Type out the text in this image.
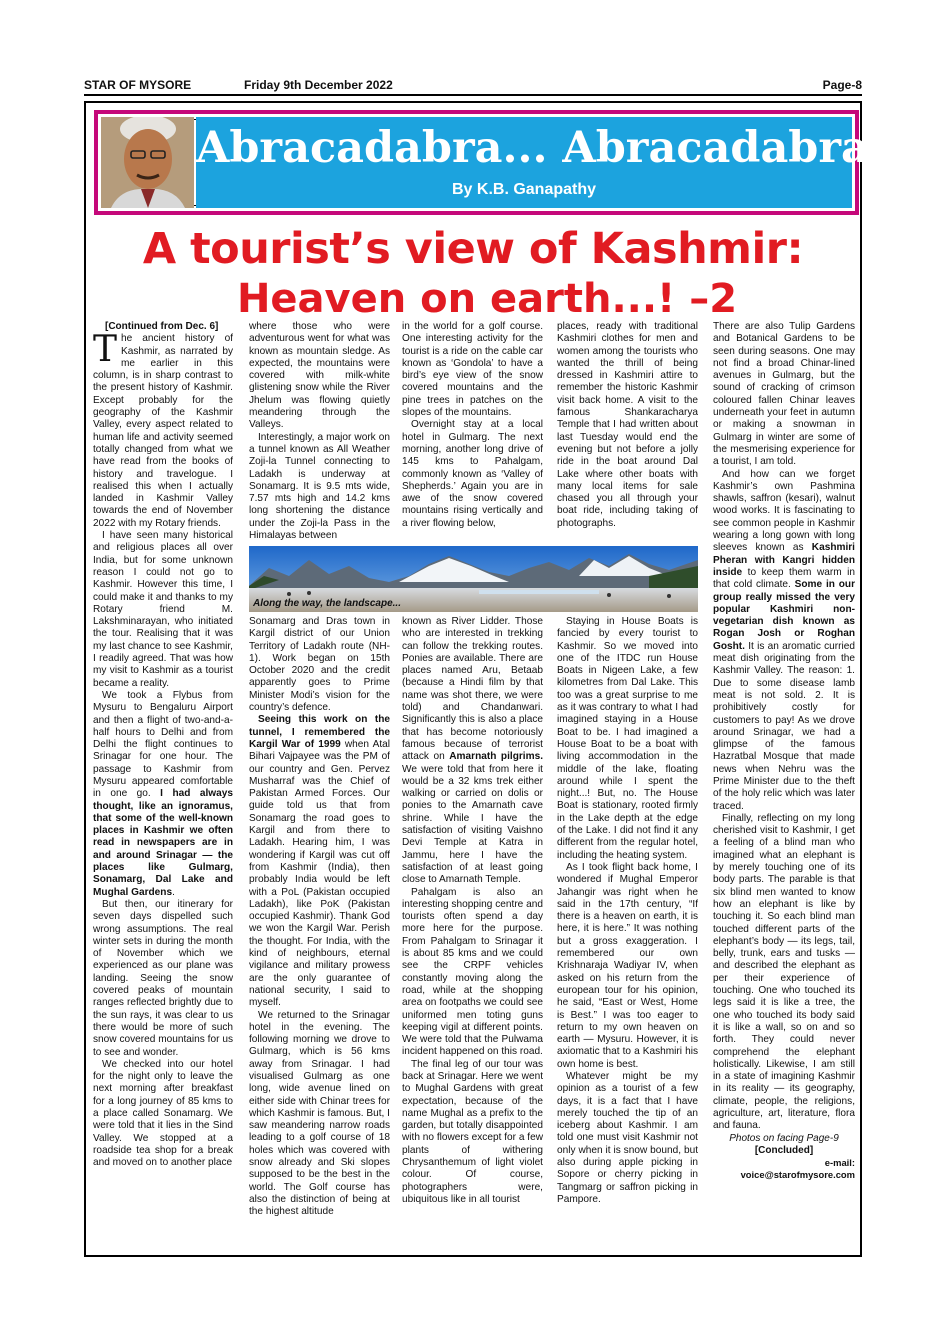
STAR OF MYSORE	Friday 9th December 2022	Page-8
Abracadabra... Abracadabra...
By K.B. Ganapathy
A tourist’s view of Kashmir:
Heaven on earth...! –2

[Continued from Dec. 6]

The ancient history of Kashmir, as narrated by me earlier in this column, is in sharp contrast to the present history of Kashmir. Except probably for the geography of the Kashmir Valley, every aspect related to human life and activity seemed totally changed from what we have read from the books of history and travelogue. I realised this when I actually landed in Kashmir Valley towards the end of November 2022 with my Rotary friends.

I have seen many historical and religious places all over India, but for some unknown reason I could not go to Kashmir. However this time, I could make it and thanks to my Rotary friend M. Lakshminarayan, who initiated the tour. Realising that it was my last chance to see Kashmir, I readily agreed. That was how my visit to Kashmir as a tourist became a reality.

We took a Flybus from Mysuru to Bengaluru Airport and then a flight of two-and-a-half hours to Delhi and from Delhi the flight continues to Srinagar for one hour. The passage to Kashmir from Mysuru appeared comfortable in one go. I had always thought, like an ignoramus, that some of the well-known places in Kashmir we often read in newspapers are in and around Srinagar — the places like Gulmarg, Sonamarg, Dal Lake and Mughal Gardens.

But then, our itinerary for seven days dispelled such wrong assumptions. The real winter sets in during the month of November which we experienced as our plane was landing. Seeing the snow covered peaks of mountain ranges reflected brightly due to the sun rays, it was clear to us there would be more of such snow covered mountains for us to see and wonder.

We checked into our hotel for the night only to leave the next morning after breakfast for a long journey of 85 kms to a place called Sonamarg. We were told that it lies in the Sind Valley. We stopped at a roadside tea shop for a break and moved on to another place

where those who were adventurous went for what was known as mountain sledge. As expected, the mountains were covered with milk-white glistening snow while the River Jhelum was flowing quietly meandering through the Valleys.

Interestingly, a major work on a tunnel known as All Weather Zoji-la Tunnel connecting to Ladakh is underway at Sonamarg. It is 9.5 mts wide, 7.57 mts high and 14.2 kms long shortening the distance under the Zoji-la Pass in the Himalayas between

in the world for a golf course. One interesting activity for the tourist is a ride on the cable car known as ‘Gondola’ to have a bird’s eye view of the snow covered mountains and the pine trees in patches on the slopes of the mountains.

Overnight stay at a local hotel in Gulmarg. The next morning, another long drive of 145 kms to Pahalgam, commonly known as ‘Valley of Shepherds.’ Again you are in awe of the snow covered mountains rising vertically and a river flowing below,

places, ready with traditional Kashmiri clothes for men and women among the tourists who wanted the thrill of being dressed in Kashmiri attire to remember the historic Kashmir visit back home. A visit to the famous Shankaracharya Temple that I had written about last Tuesday would end the evening but not before a jolly ride in the boat around Dal Lake where other boats with many local items for sale chased you all through your boat ride, including taking of photographs.

Along the way, the landscape...

Sonamarg and Dras town in Kargil district of our Union Territory of Ladakh route (NH-1). Work began on 15th October 2020 and the credit apparently goes to Prime Minister Modi’s vision for the country’s defence.

Seeing this work on the tunnel, I remembered the Kargil War of 1999 when Atal Bihari Vajpayee was the PM of our country and Gen. Pervez Musharraf was the Chief of Pakistan Armed Forces. Our guide told us that from Sonamarg the road goes to Kargil and from there to Ladakh. Hearing him, I was wondering if Kargil was cut off from Kashmir (India), then probably India would be left with a PoL (Pakistan occupied Ladakh), like PoK (Pakistan occupied Kashmir). Thank God we won the Kargil War. Perish the thought. For India, with the kind of neighbours, eternal vigilance and military prowess are the only guarantee of national security, I said to myself.

We returned to the Srinagar hotel in the evening. The following morning we drove to Gulmarg, which is 56 kms away from Srinagar. I had visualised Gulmarg as one long, wide avenue lined on either side with Chinar trees for which Kashmir is famous. But, I saw meandering narrow roads leading to a golf course of 18 holes which was covered with snow already and Ski slopes supposed to be the best in the world. The Golf course has also the distinction of being at the highest altitude

known as River Lidder. Those who are interested in trekking can follow the trekking routes. Ponies are available. There are places named Aru, Betaab (because a Hindi film by that name was shot there, we were told) and Chandanwari. Significantly this is also a place that has become notoriously famous because of terrorist attack on Amarnath pilgrims. We were told that from here it would be a 32 kms trek either walking or carried on dolis or ponies to the Amarnath cave shrine. While I have the satisfaction of visiting Vaishno Devi Temple at Katra in Jammu, here I have the satisfaction of at least going close to Amarnath Temple.

Pahalgam is also an interesting shopping centre and tourists often spend a day more here for the purpose. From Pahalgam to Srinagar it is about 85 kms and we could see the CRPF vehicles constantly moving along the road, while at the shopping area on footpaths we could see uniformed men toting guns keeping vigil at different points. We were told that the Pulwama incident happened on this road.

The final leg of our tour was back at Srinagar. Here we went to Mughal Gardens with great expectation, because of the name Mughal as a prefix to the garden, but totally disappointed with no flowers except for a few plants of withering Chrysanthemum of light violet colour. Of course, photographers were, ubiquitous like in all tourist

Staying in House Boats is fancied by every tourist to Kashmir. So we moved into one of the ITDC run House Boats in Nigeen Lake, a few kilometres from Dal Lake. This too was a great surprise to me as it was contrary to what I had imagined staying in a House Boat to be. I had imagined a House Boat to be a boat with living accommodation in the middle of the lake, floating around while I spent the night...! But, no. The House Boat is stationary, rooted firmly in the Lake depth at the edge of the Lake. I did not find it any different from the regular hotel, including the heating system.

As I took flight back home, I wondered if Mughal Emperor Jahangir was right when he said in the 17th century, “If there is a heaven on earth, it is here, it is here.” It was nothing but a gross exaggeration. I remembered our own Krishnaraja Wadiyar IV, when asked on his return from the european tour for his opinion, he said, “East or West, Home is Best.” I was too eager to return to my own heaven on earth — Mysuru. However, it is axiomatic that to a Kashmiri his own home is best.

Whatever might be my opinion as a tourist of a few days, it is a fact that I have merely touched the tip of an iceberg about Kashmir. I am told one must visit Kashmir not only when it is snow bound, but also during apple picking in Sopore or cherry picking in Tangmarg or saffron picking in Pampore.

There are also Tulip Gardens and Botanical Gardens to be seen during seasons. One may not find a broad Chinar-lined avenues in Gulmarg, but the sound of cracking of crimson coloured fallen Chinar leaves underneath your feet in autumn or making a snowman in Gulmarg in winter are some of the mesmerising experience for a tourist, I am told.

And how can we forget Kashmir’s own Pashmina shawls, saffron (kesari), walnut wood works. It is fascinating to see common people in Kashmir wearing a long gown with long sleeves known as Kashmiri Pheran with Kangri hidden inside to keep them warm in that cold climate. Some in our group really missed the very popular Kashmiri non-vegetarian dish known as Rogan Josh or Roghan Gosht. It is an aromatic curried meat dish originating from the Kashmir Valley. The reason: 1. Due to some disease lamb meat is not sold. 2. It is prohibitively costly for customers to pay! As we drove around Srinagar, we had a glimpse of the famous Hazratbal Mosque that made news when Nehru was the Prime Minister due to the theft of the holy relic which was later traced.

Finally, reflecting on my long cherished visit to Kashmir, I get a feeling of a blind man who imagined what an elephant is by merely touching one of its body parts. The parable is that six blind men wanted to know how an elephant is like by touching it. So each blind man touched different parts of the elephant’s body — its legs, tail, belly, trunk, ears and tusks — and described the elephant as per their experience of touching. One who touched its legs said it is like a tree, the one who touched its body said it is like a wall, so on and so forth. They could never comprehend the elephant holistically. Likewise, I am still in a state of imagining Kashmir in its reality — its geography, climate, people, the religions, agriculture, art, literature, flora and fauna.

Photos on facing Page-9

[Concluded]

e-mail: voice@starofmysore.com
